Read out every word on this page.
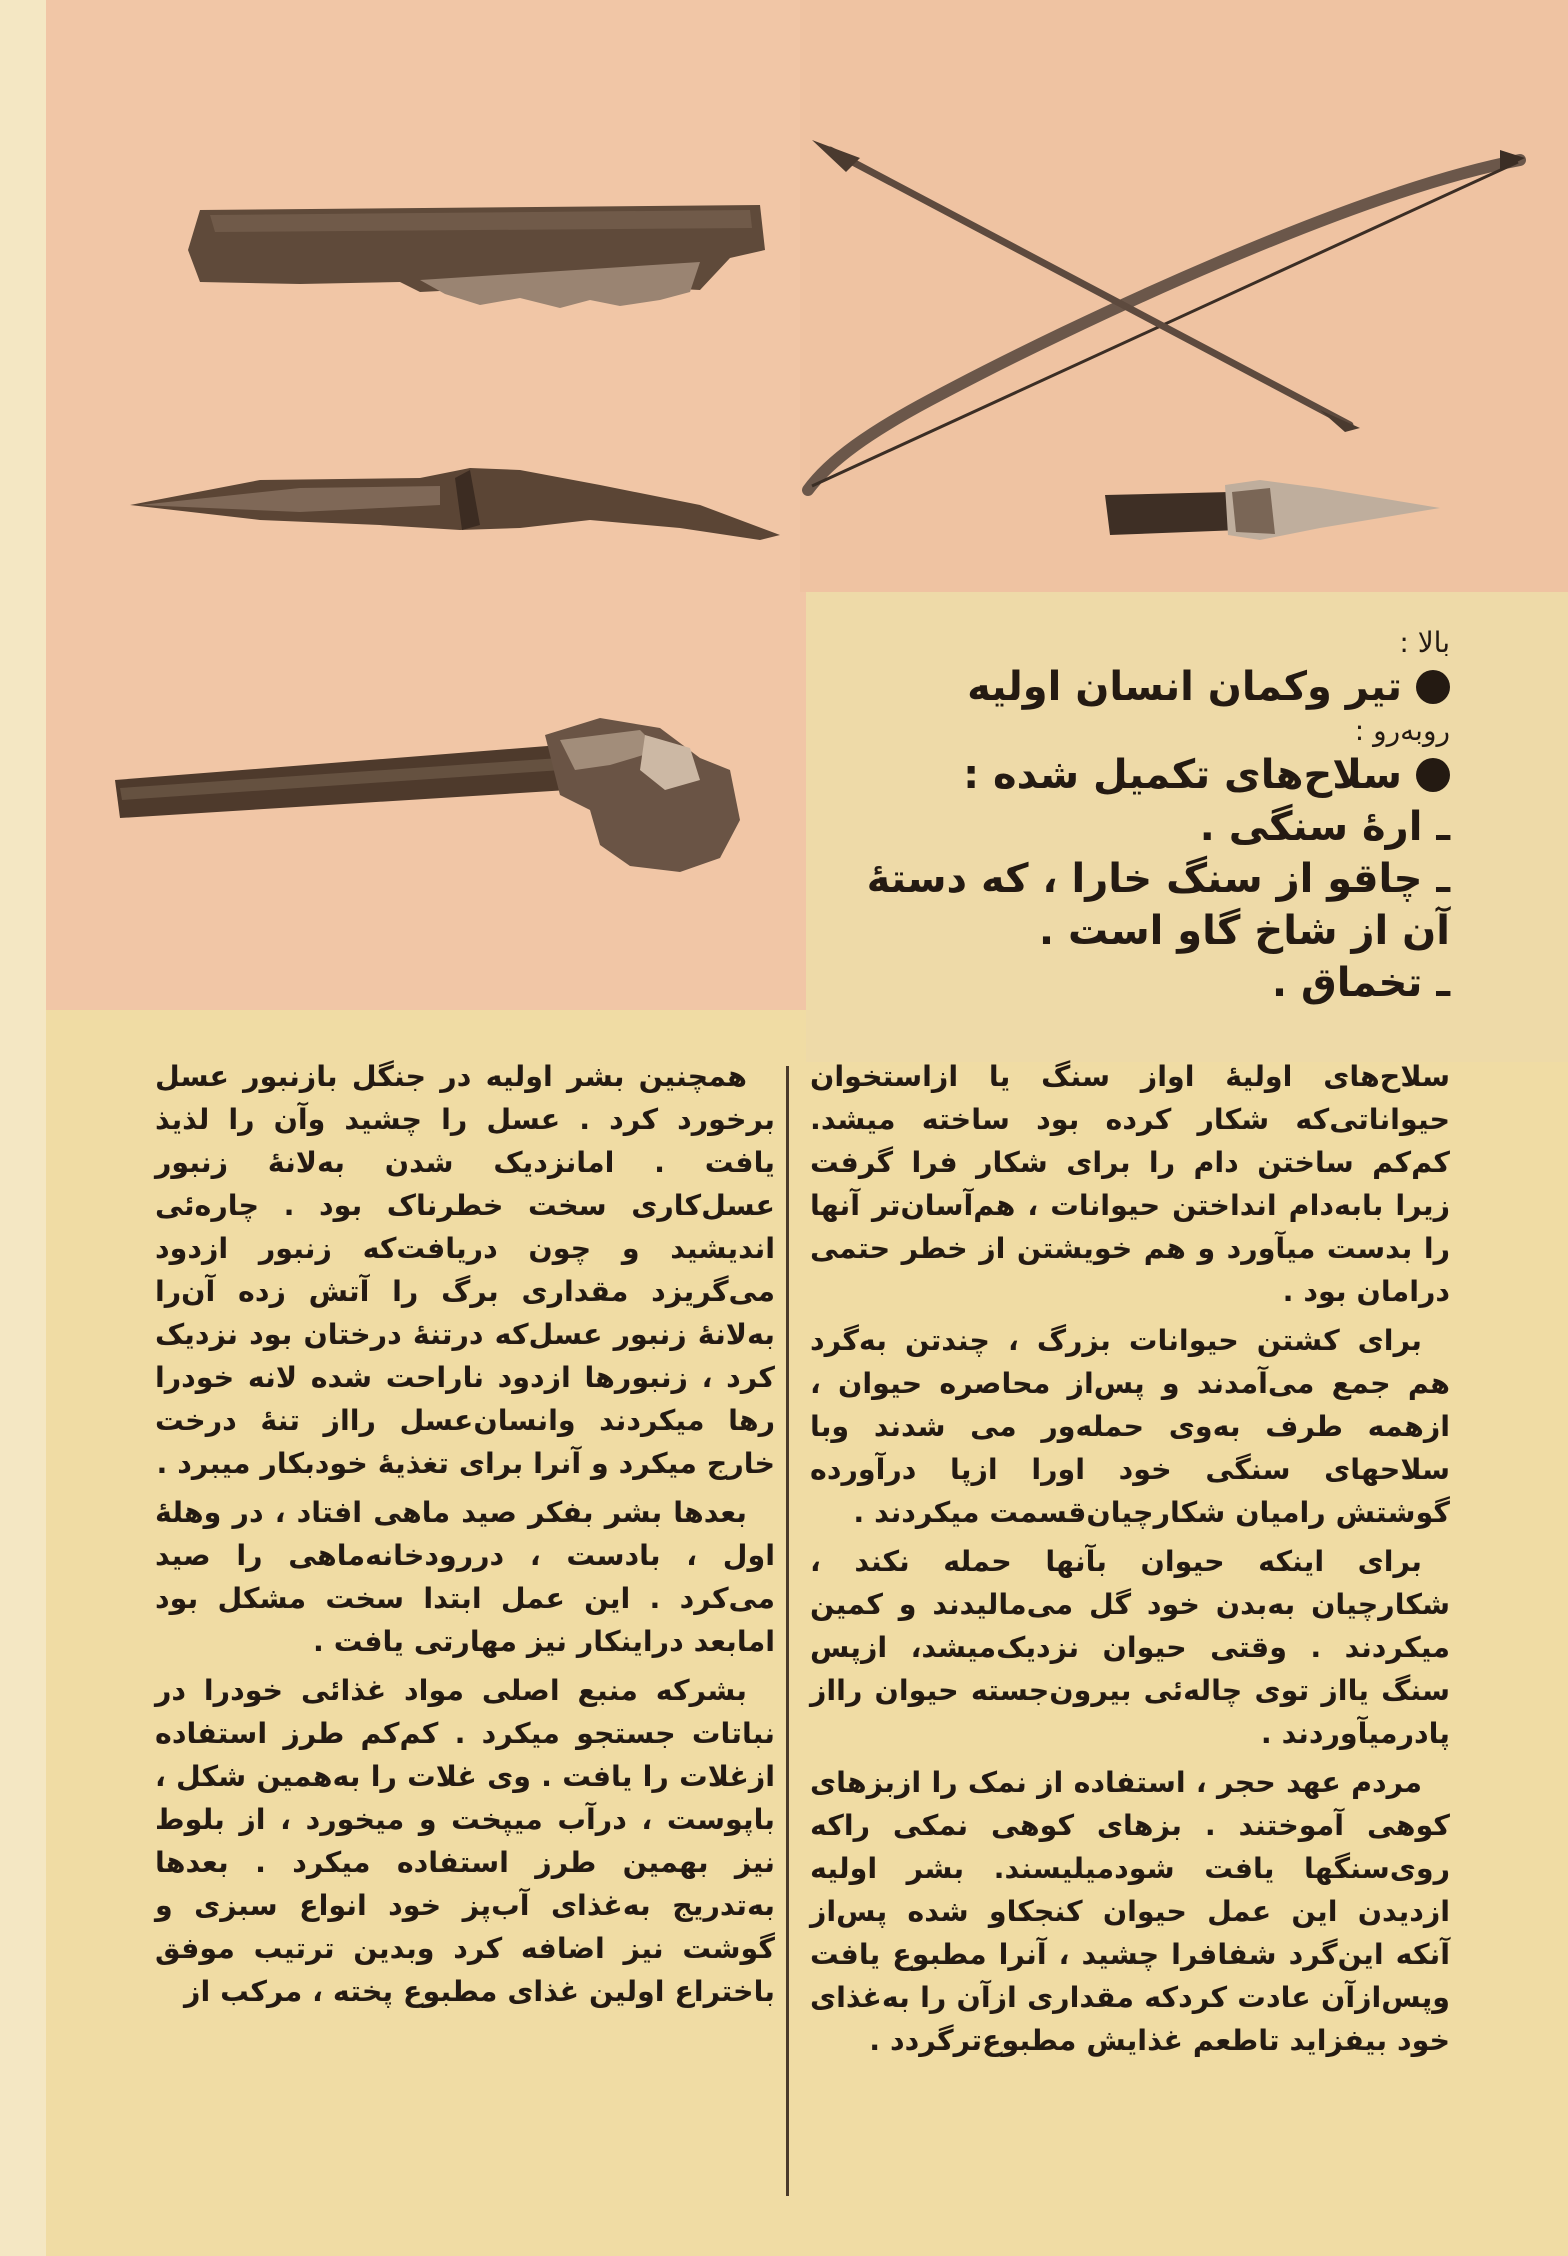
بالا :

تیر وکمان انسان اولیه

روبه‌رو :

سلاح‌های تکمیل شده :

ـ ارهٔ سنگی .

ـ چاقو از سنگ خارا ، که دستهٔ

آن از شاخ گاو است .

ـ تخماق .

سلاح‌های اولیهٔ اواز سنگ یا ازاستخوان حیواناتی‌که شکار کرده بود ساخته میشد. کم‌کم ساختن دام را برای شکار فرا گرفت زیرا بابه‌دام انداختن حیوانات ، هم‌آسان‌تر آنها را بدست میآورد و هم خویشتن از خطر حتمی درامان بود .

برای کشتن حیوانات بزرگ ، چندتن به‌گرد هم جمع می‌آمدند و پس‌از محاصره حیوان ، ازهمه طرف به‌وی حمله‌ور می شدند وبا سلاحهای سنگی خود اورا ازپا درآورده گوشتش رامیان شکارچیان‌قسمت میکردند .

برای اینکه حیوان بآنها حمله نکند ، شکارچیان به‌بدن خود گل می‌مالیدند و کمین میکردند . وقتی حیوان نزدیک‌میشد، ازپس سنگ یااز توی چاله‌ئی بیرون‌جسته حیوان رااز پادرمیآوردند .

مردم عهد حجر ، استفاده از نمک را ازبزهای کوهی آموختند . بزهای کوهی نمکی راکه روی‌سنگها یافت شودمیلیسند. بشر اولیه ازدیدن این عمل حیوان کنجکاو شده پس‌از آنکه این‌گرد شفافرا چشید ، آنرا مطبوع یافت وپس‌ازآن عادت کردکه مقداری ازآن را به‌غذای خود بیفزاید تاطعم غذایش مطبوع‌ترگردد .

همچنین بشر اولیه در جنگل بازنبور عسل برخورد کرد . عسل را چشید وآن را لذیذ یافت . امانزدیک شدن به‌لانهٔ زنبور عسل‌کاری سخت خطرناک بود . چاره‌ئی اندیشید و چون دریافت‌که زنبور ازدود می‌گریزد مقداری برگ را آتش زده آن‌را به‌لانهٔ زنبور عسل‌که درتنهٔ درختان بود نزدیک کرد ، زنبورها ازدود ناراحت شده لانه خودرا رها میکردند وانسان‌عسل رااز تنهٔ درخت خارج میکرد و آنرا برای تغذیهٔ خودبکار میبرد .

بعدها بشر بفکر صید ماهی افتاد ، در وهلهٔ اول ، بادست ، دررودخانه‌ماهی را صید می‌کرد . این عمل ابتدا سخت مشکل بود امابعد دراینکار نیز مهارتی یافت .

بشرکه منبع اصلی مواد غذائی خودرا در نباتات جستجو میکرد . کم‌کم طرز استفاده ازغلات را یافت . وی غلات را به‌همین شکل ، باپوست ، درآب میپخت و میخورد ، از بلوط نیز بهمین طرز استفاده میکرد . بعدها به‌تدریج به‌غذای آب‌پز خود انواع سبزی و گوشت نیز اضافه کرد وبدین ترتیب موفق باختراع اولین غذای مطبوع پخته ، مرکب از
